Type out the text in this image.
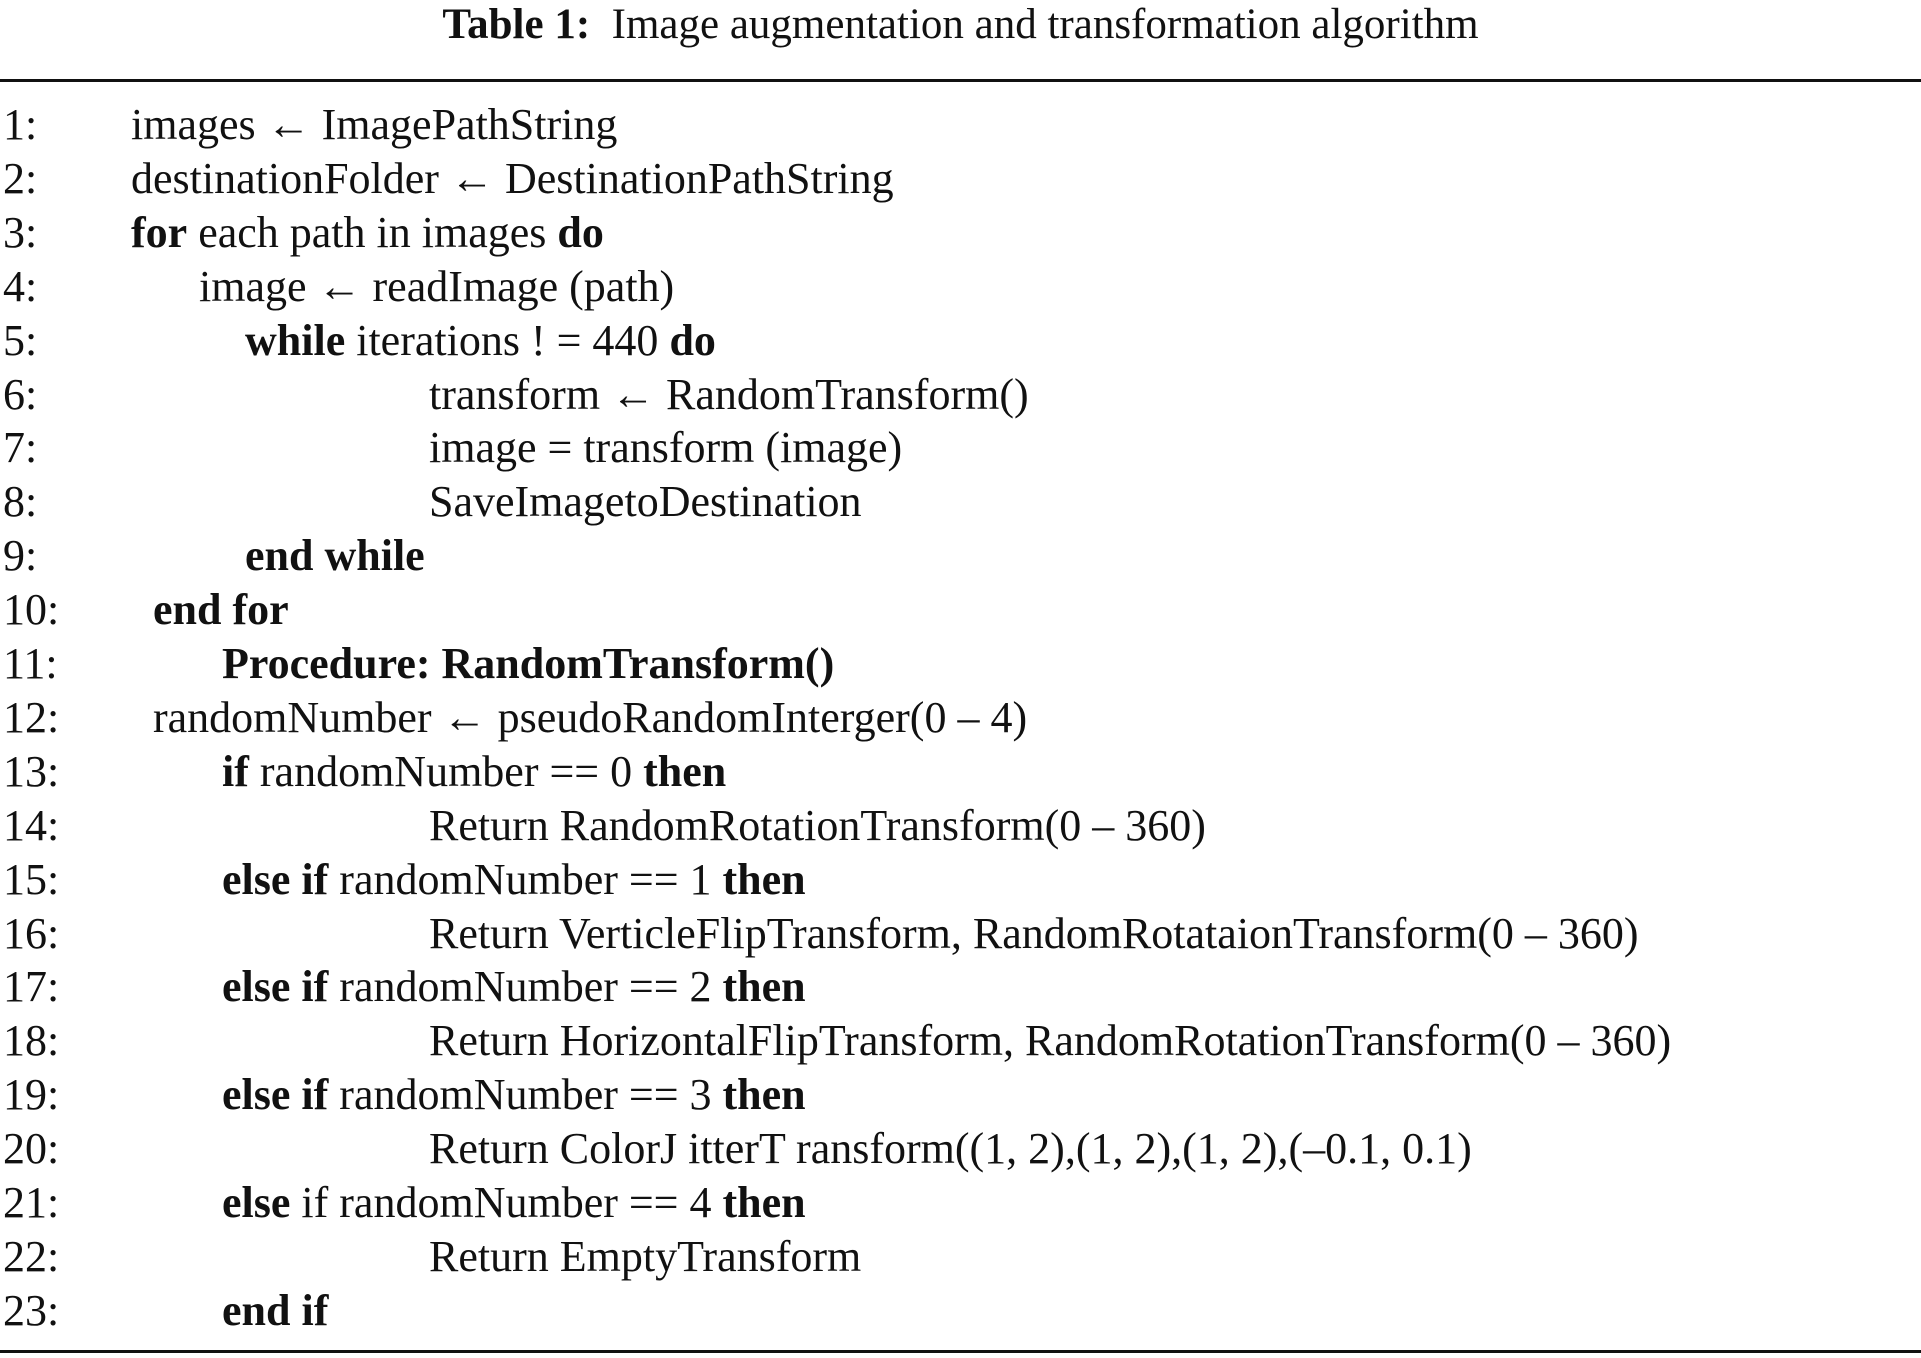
Table 1: Image augmentation and transformation algorithm
1: images ← ImagePathString
2: destinationFolder ← DestinationPathString
3: for each path in images do
4:	image ← readImage (path)
5:	while iterations ! = 440 do
6:	transform ← RandomTransform()
7:	image = transform (image)
8:	SaveImagetoDestination
9:	end while
10: end for
11:	Procedure: RandomTransform()
12: randomNumber ← pseudoRandomInterger(0 – 4)
13:	if randomNumber == 0 then
14:	Return RandomRotationTransform(0 – 360)
15:	else if randomNumber == 1 then
16:	Return VerticleFlipTransform, RandomRotataionTransform(0 – 360)
17:	else if randomNumber == 2 then
18:	Return HorizontalFlipTransform, RandomRotationTransform(0 – 360)
19:	else if randomNumber == 3 then
20:	Return ColorJ itterT ransform((1, 2),(1, 2),(1, 2),(–0.1, 0.1)
21:	else if randomNumber == 4 then
22:	Return EmptyTransform
23:	end if
